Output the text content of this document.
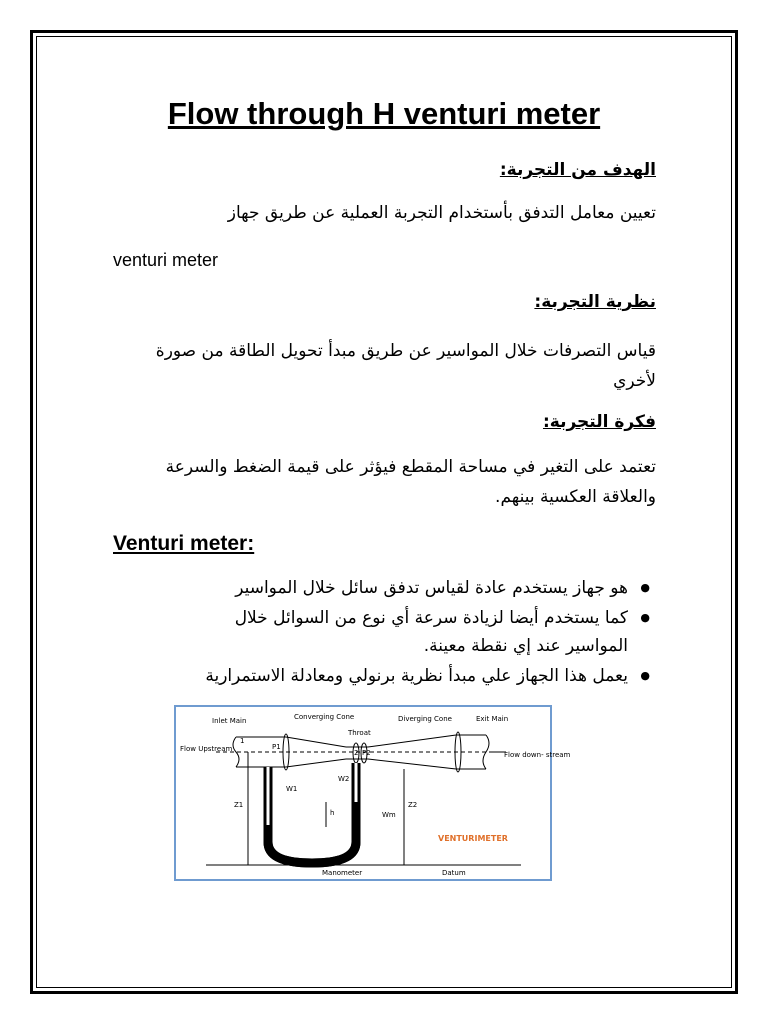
Flow through H venturi meter
الهدف من التجربة:
تعيين معامل التدفق بأستخدام التجربة العملية عن طريق جهاز
venturi meter
نظرية التجربة:
قياس التصرفات خلال المواسير عن طريق مبدأ تحويل الطاقة من صورة لأخري
فكرة التجربة:
تعتمد على التغير في مساحة المقطع فيؤثر على قيمة الضغط والسرعة والعلاقة العكسية بينهم.
Venturi meter:
● هو جهاز يستخدم عادة لقياس تدفق سائل خلال المواسير
● كما يستخدم أيضا لزيادة سرعة أي نوع من السوائل خلال المواسير عند إي نقطة معينة.
● يعمل هذا الجهاز علي مبدأ نظرية برنولي ومعادلة الاستمرارية
Inlet Main	Converging Cone
Throat
Diverging Cone	Exit Main
Flow Upstream
Flow down- stream
1
2
P1
P2
W1
W2
Wm
h
Z1	Z2
Manometer	Datum
VENTURIMETER
